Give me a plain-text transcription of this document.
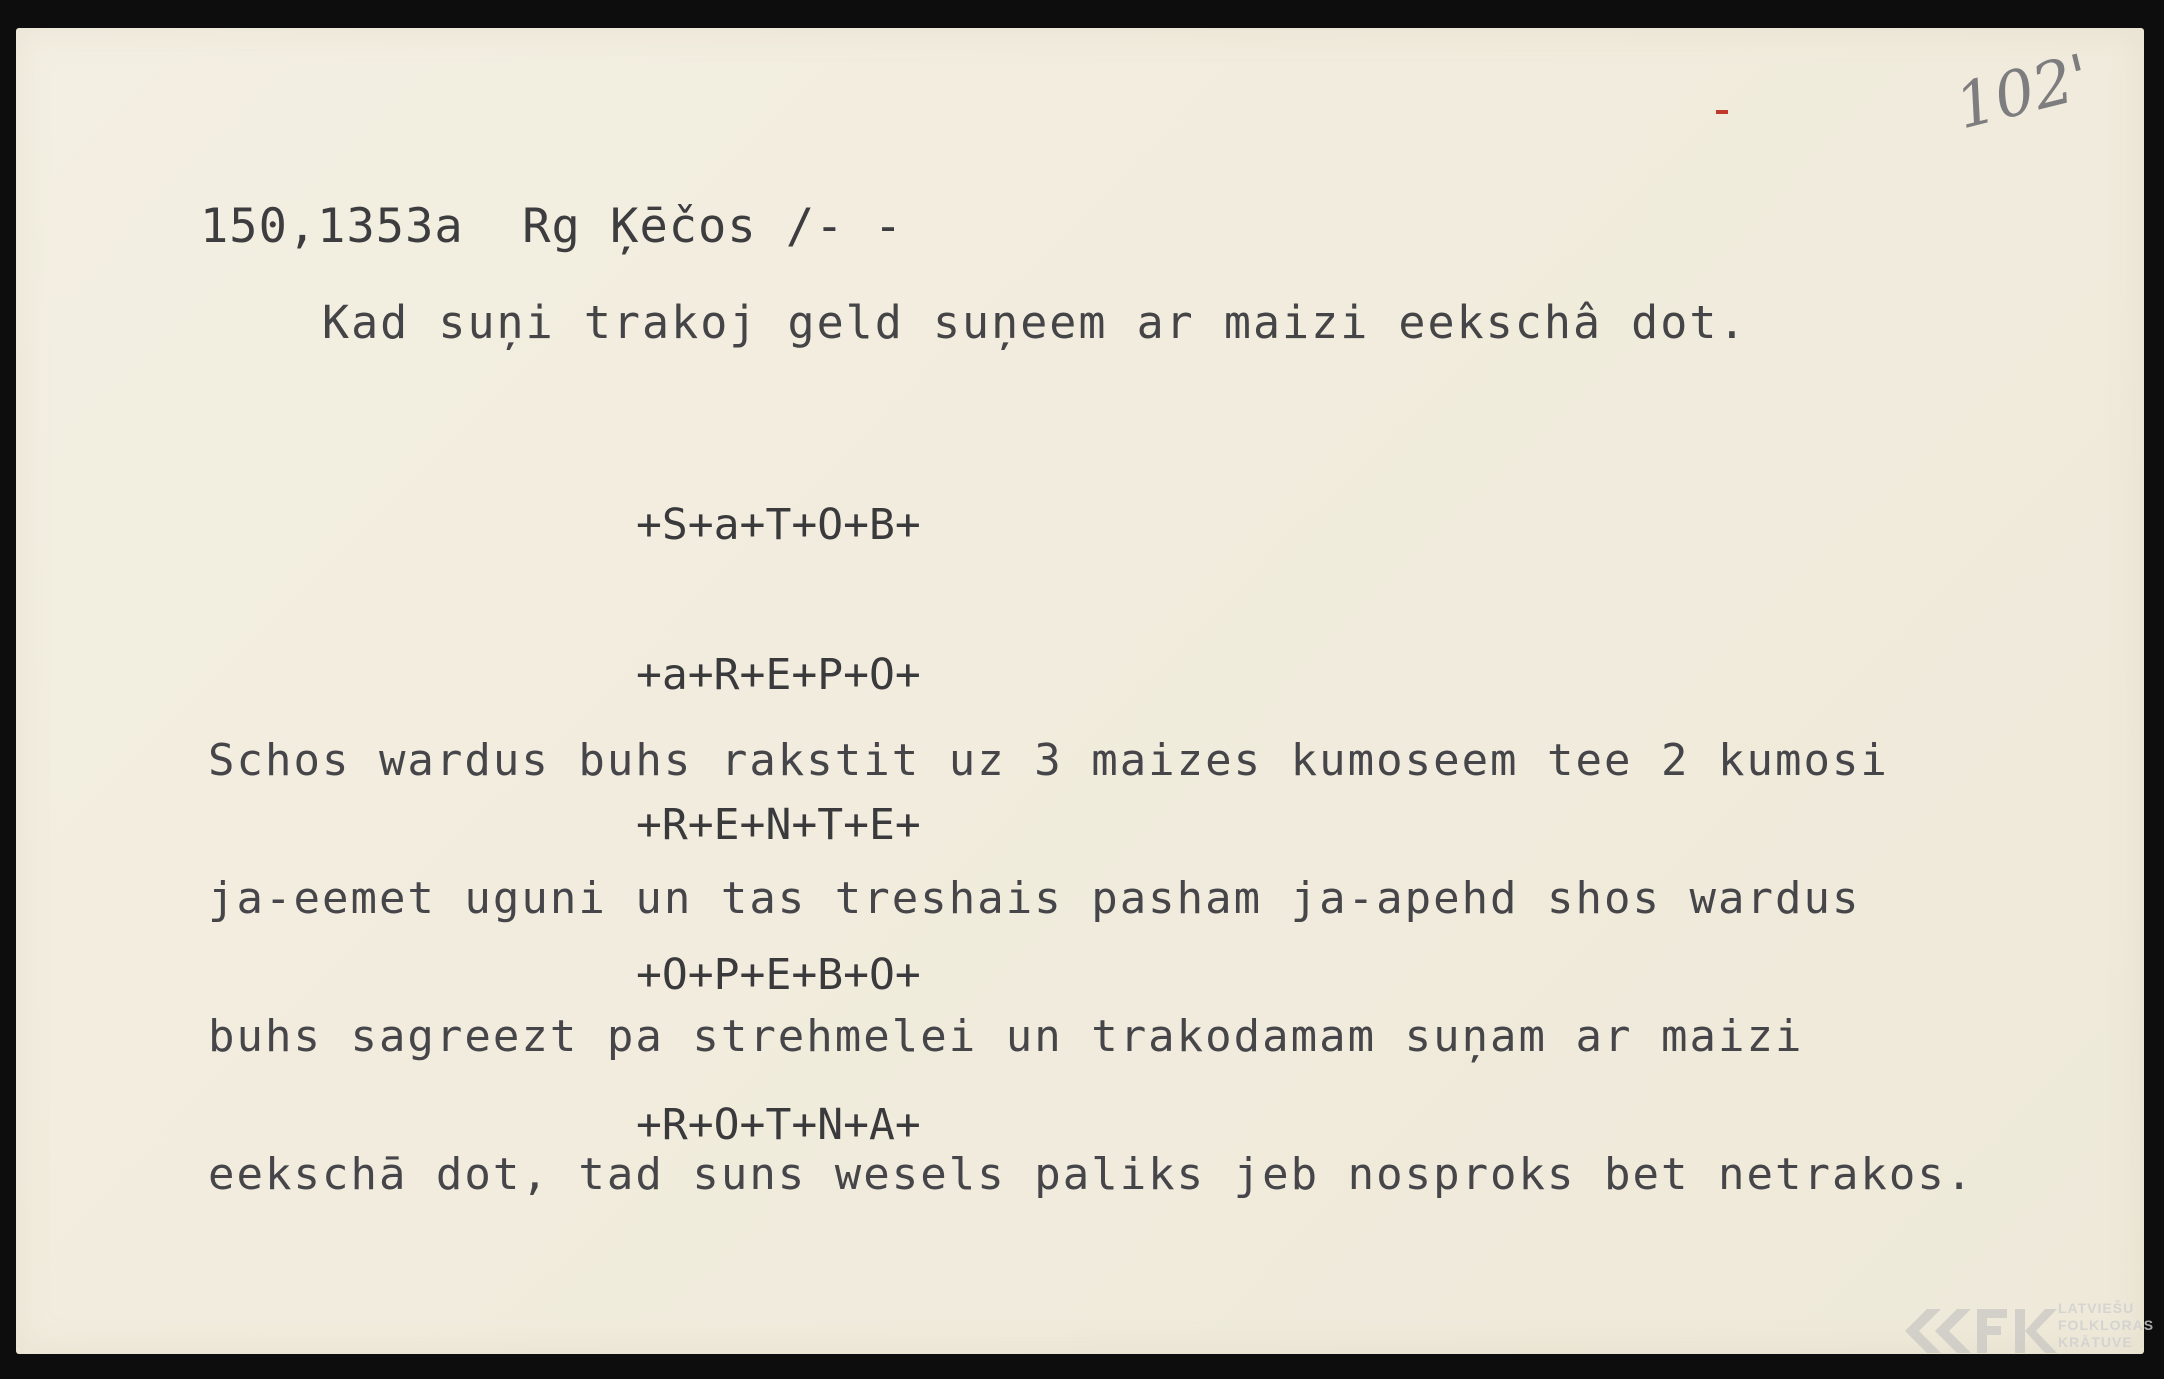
102'
150,1353a  Rg Ķēčos /- -
Kad suņi trakoj geld suņeem ar maizi eekschâ dot.

+S+a+T+O+B+

+a+R+E+P+O+

+R+E+N+T+E+

+O+P+E+B+O+

+R+O+T+N+A+

Schos wardus buhs rakstit uz 3 maizes kumoseem tee 2 kumosi

ja-eemet uguni un tas treshais pasham ja-apehd shos wardus

buhs sagreezt pa strehmelei un trakodamam suņam ar maizi

eekschā dot, tad suns wesels paliks jeb nosproks bet netrakos.

LATVIEŠU
FOLKLORAS
KRĀTUVE
